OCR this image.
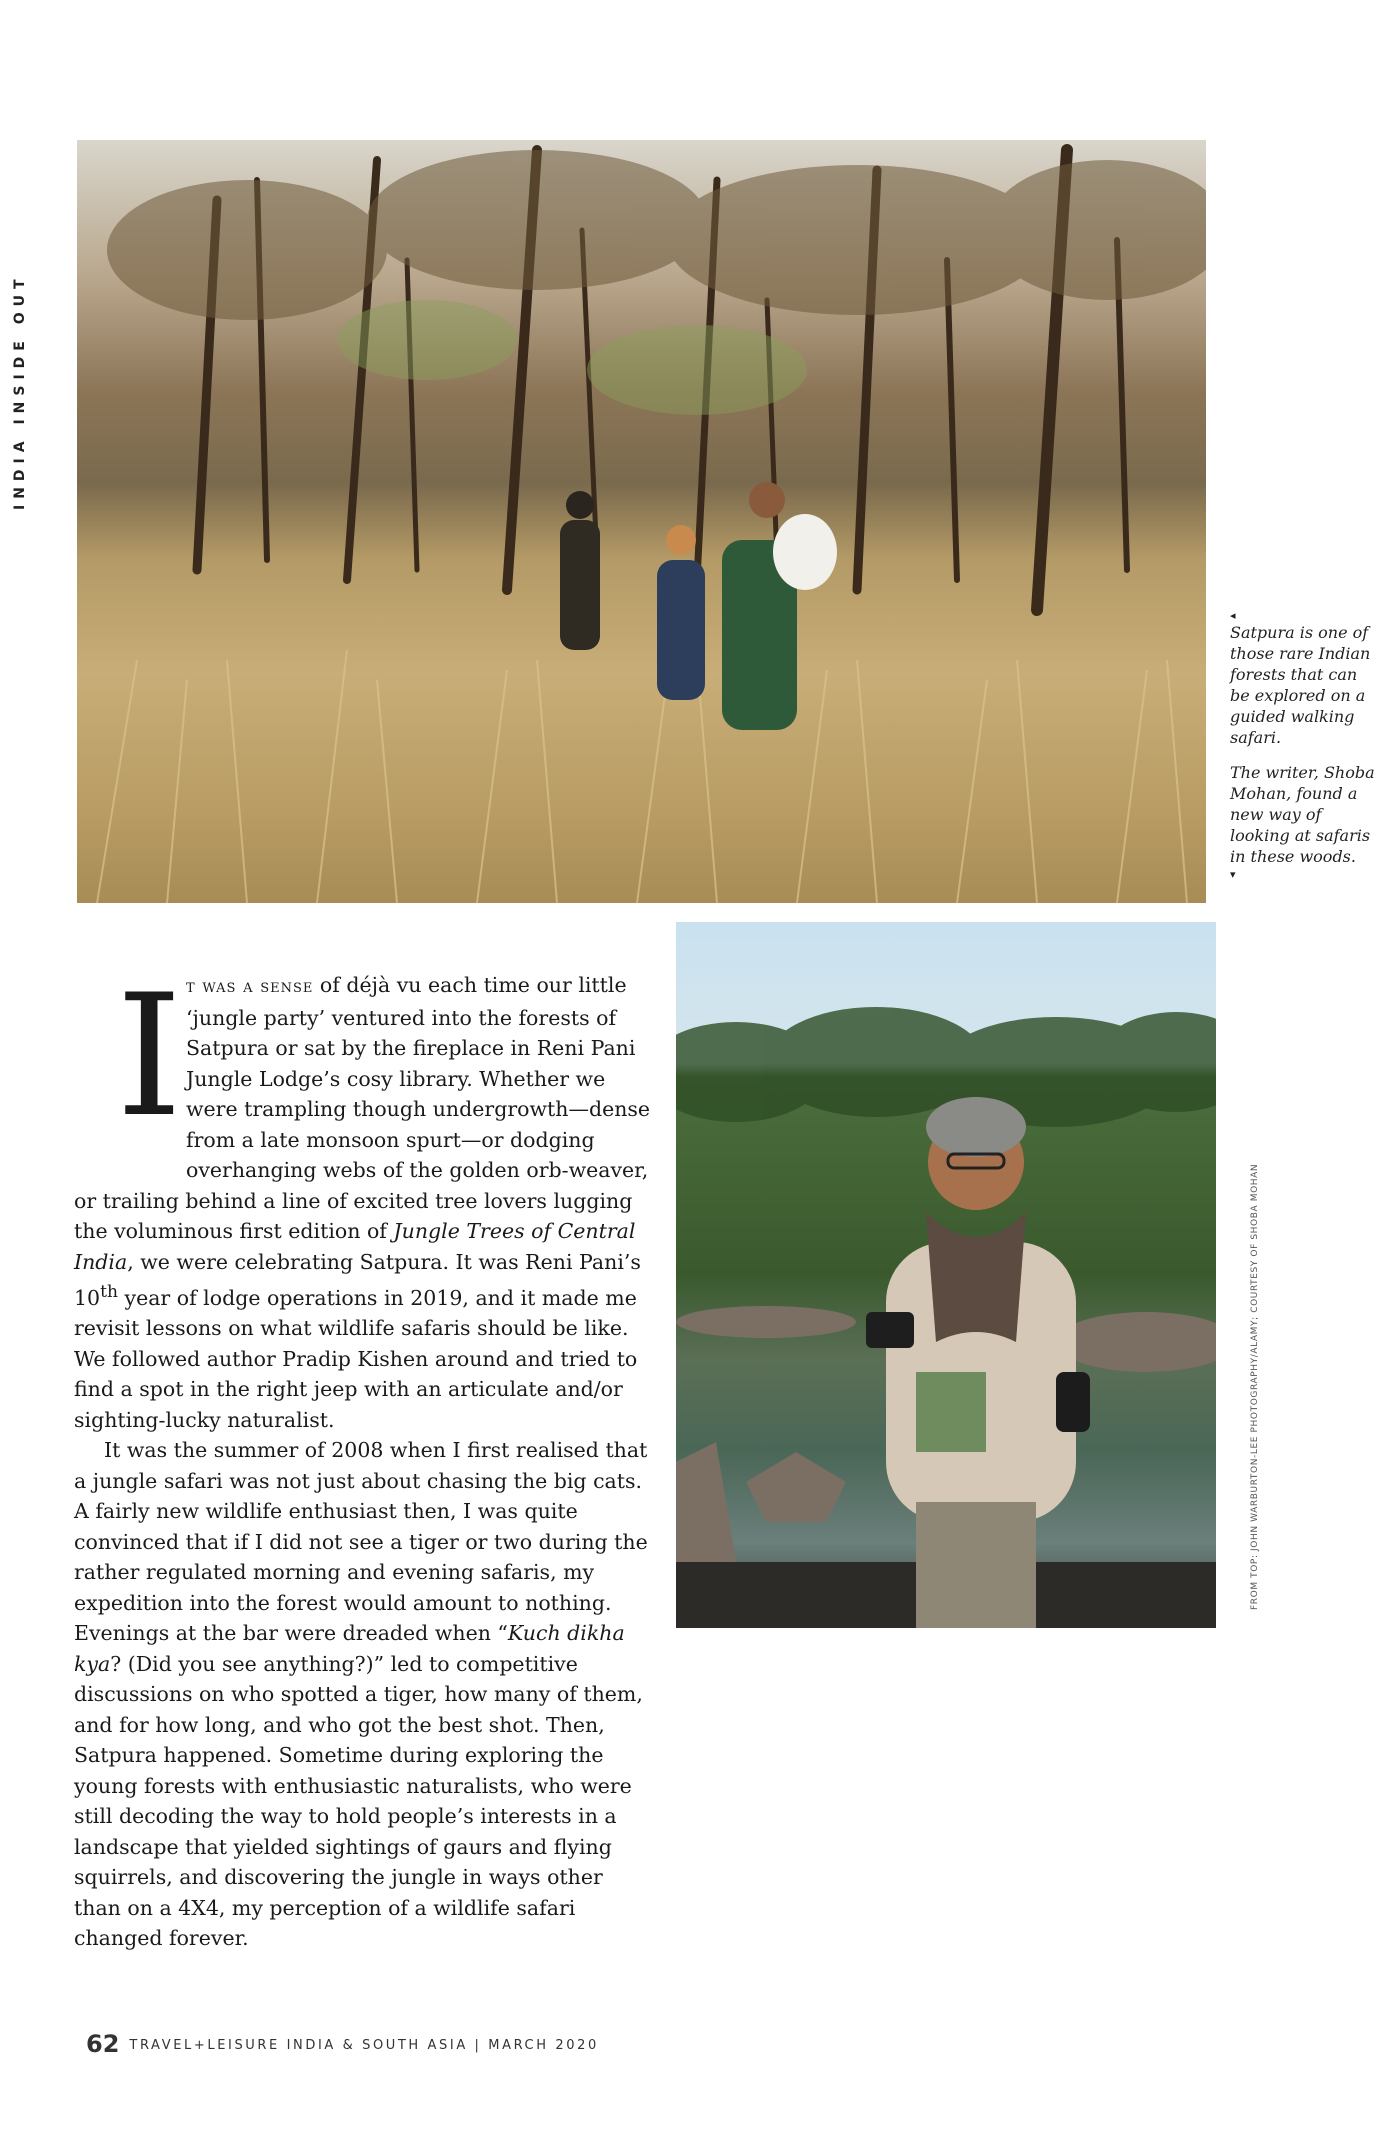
INDIA INSIDE OUT
◂

Satpura is one of those rare Indian forests that can be explored on a guided walking safari.

The writer, Shoba Mohan, found a new way of looking at safaris in these woods.

▾
FROM TOP: JOHN WARBURTON-LEE PHOTOGRAPHY/ALAMY; COURTESY OF SHOBA MOHAN

I t was a sense of déjà vu each time our little ‘jungle party’ ventured into the forests of Satpura or sat by the fireplace in Reni Pani Jungle Lodge’s cosy library. Whether we were trampling though undergrowth—dense from a late monsoon spurt—or dodging overhanging webs of the golden orb-weaver, or trailing behind a line of excited tree lovers lugging the voluminous first edition of Jungle Trees of Central India, we were celebrating Satpura. It was Reni Pani’s 10th year of lodge operations in 2019, and it made me revisit lessons on what wildlife safaris should be like. We followed author Pradip Kishen around and tried to find a spot in the right jeep with an articulate and/or sighting-lucky naturalist.

It was the summer of 2008 when I first realised that a jungle safari was not just about chasing the big cats. A fairly new wildlife enthusiast then, I was quite convinced that if I did not see a tiger or two during the rather regulated morning and evening safaris, my expedition into the forest would amount to nothing. Evenings at the bar were dreaded when “Kuch dikha kya? (Did you see anything?)” led to competitive discussions on who spotted a tiger, how many of them, and for how long, and who got the best shot. Then, Satpura happened. Sometime during exploring the young forests with enthusiastic naturalists, who were still decoding the way to hold people’s interests in a landscape that yielded sightings of gaurs and flying squirrels, and discovering the jungle in ways other than on a 4X4, my perception of a wildlife safari changed forever.

62 TRAVEL+LEISURE INDIA & SOUTH ASIA | MARCH 2020
